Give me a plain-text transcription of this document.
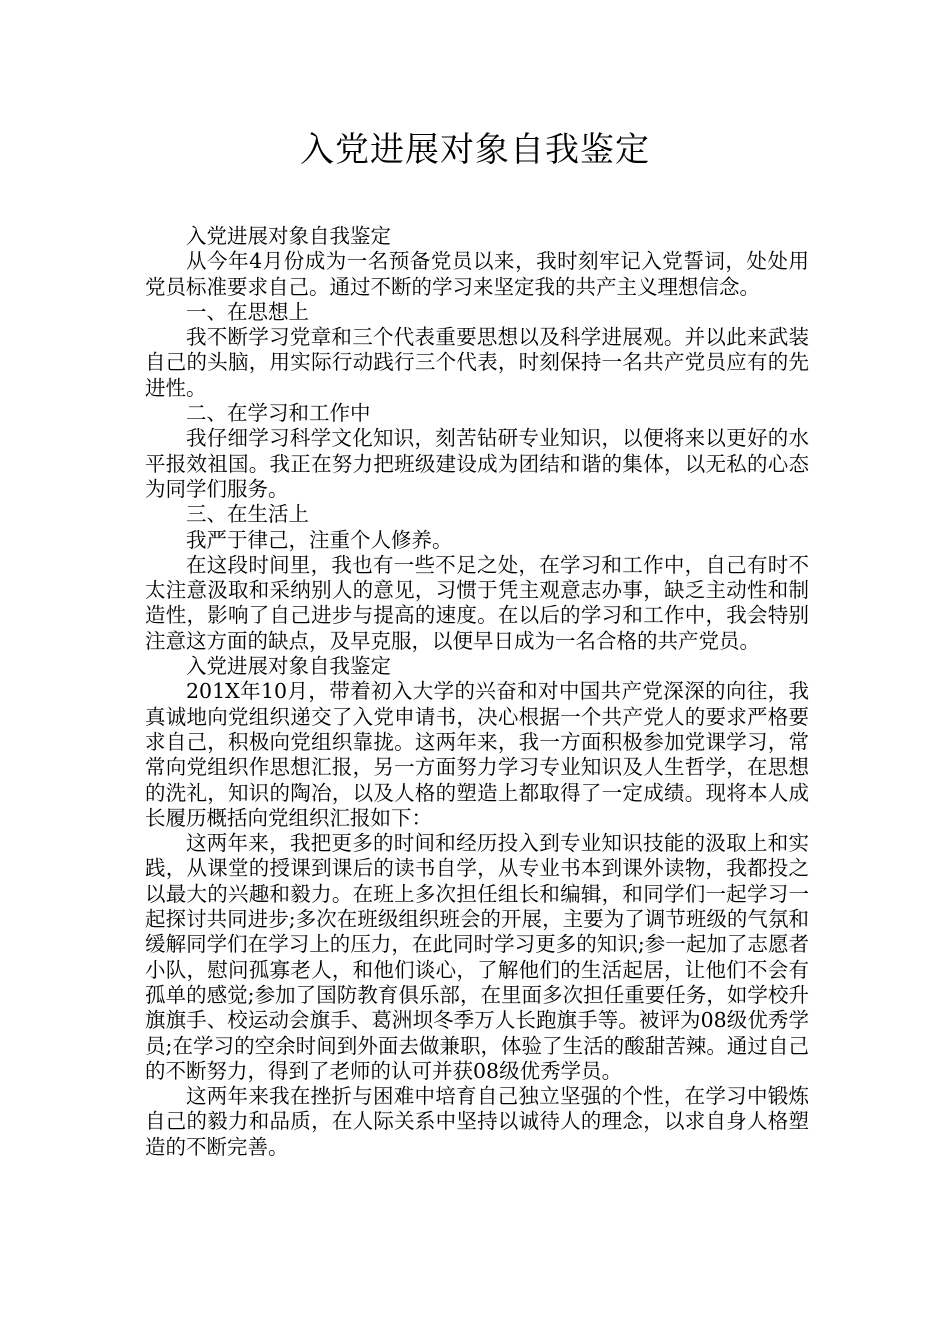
入党进展对象自我鉴定

入党进展对象自我鉴定

从今年4月份成为一名预备党员以来，我时刻牢记入党誓词，处处用党员标准要求自己。通过不断的学习来坚定我的共产主义理想信念。

一、在思想上

我不断学习党章和三个代表重要思想以及科学进展观。并以此来武装自己的头脑，用实际行动践行三个代表，时刻保持一名共产党员应有的先进性。

二、在学习和工作中

我仔细学习科学文化知识，刻苦钻研专业知识，以便将来以更好的水平报效祖国。我正在努力把班级建设成为团结和谐的集体，以无私的心态为同学们服务。

三、在生活上

我严于律己，注重个人修养。

在这段时间里，我也有一些不足之处，在学习和工作中，自己有时不太注意汲取和采纳别人的意见，习惯于凭主观意志办事，缺乏主动性和制造性，影响了自己进步与提高的速度。在以后的学习和工作中，我会特别注意这方面的缺点，及早克服，以便早日成为一名合格的共产党员。

入党进展对象自我鉴定

201X年10月，带着初入大学的兴奋和对中国共产党深深的向往，我真诚地向党组织递交了入党申请书，决心根据一个共产党人的要求严格要求自己，积极向党组织靠拢。这两年来，我一方面积极参加党课学习，常常向党组织作思想汇报，另一方面努力学习专业知识及人生哲学，在思想的洗礼，知识的陶冶，以及人格的塑造上都取得了一定成绩。现将本人成长履历概括向党组织汇报如下：

这两年来，我把更多的时间和经历投入到专业知识技能的汲取上和实践，从课堂的授课到课后的读书自学，从专业书本到课外读物，我都投之以最大的兴趣和毅力。在班上多次担任组长和编辑，和同学们一起学习一起探讨共同进步;多次在班级组织班会的开展，主要为了调节班级的气氛和缓解同学们在学习上的压力，在此同时学习更多的知识;参一起加了志愿者小队，慰问孤寡老人，和他们谈心，了解他们的生活起居，让他们不会有孤单的感觉;参加了国防教育俱乐部，在里面多次担任重要任务，如学校升旗旗手、校运动会旗手、葛洲坝冬季万人长跑旗手等。被评为08级优秀学员;在学习的空余时间到外面去做兼职，体验了生活的酸甜苦辣。通过自己的不断努力，得到了老师的认可并获08级优秀学员。

这两年来我在挫折与困难中培育自己独立坚强的个性，在学习中锻炼自己的毅力和品质，在人际关系中坚持以诚待人的理念，以求自身人格塑造的不断完善。
